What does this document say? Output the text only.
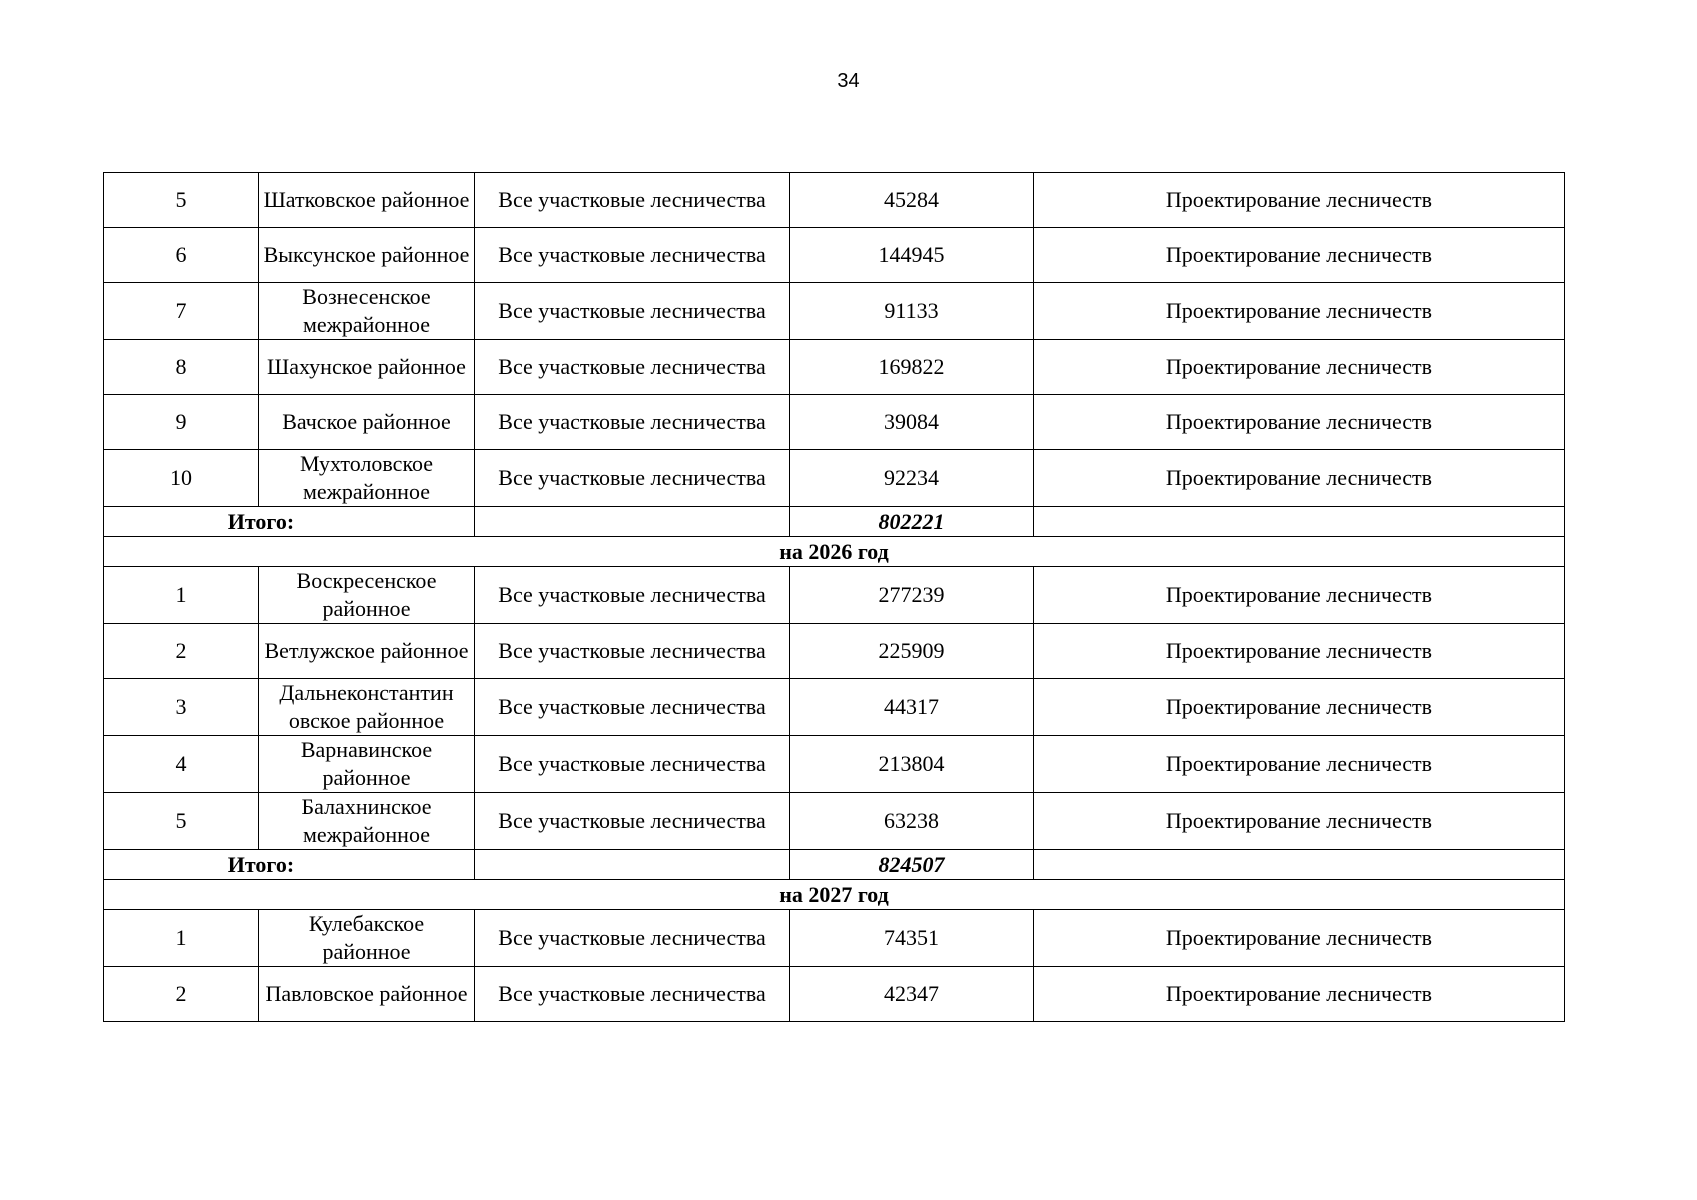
34
5	Шатковское районное	Все участковые лесничества	45284	Проектирование лесничеств
6	Выксунское районное	Все участковые лесничества	144945	Проектирование лесничеств
7	Вознесенское межрайонное	Все участковые лесничества	91133	Проектирование лесничеств
8	Шахунское районное	Все участковые лесничества	169822	Проектирование лесничеств
9	Вачское районное	Все участковые лесничества	39084	Проектирование лесничеств
10	Мухтоловское межрайонное	Все участковые лесничества	92234	Проектирование лесничеств
Итого:			802221	
на 2026 год				
1	Воскресенское районное	Все участковые лесничества	277239	Проектирование лесничеств
2	Ветлужское районное	Все участковые лесничества	225909	Проектирование лесничеств
3	Дальнеконстантин овское районное	Все участковые лесничества	44317	Проектирование лесничеств
4	Варнавинское районное	Все участковые лесничества	213804	Проектирование лесничеств
5	Балахнинское межрайонное	Все участковые лесничества	63238	Проектирование лесничеств
Итого:			824507	
на 2027 год				
1	Кулебакское районное	Все участковые лесничества	74351	Проектирование лесничеств
2	Павловское районное	Все участковые лесничества	42347	Проектирование лесничеств
